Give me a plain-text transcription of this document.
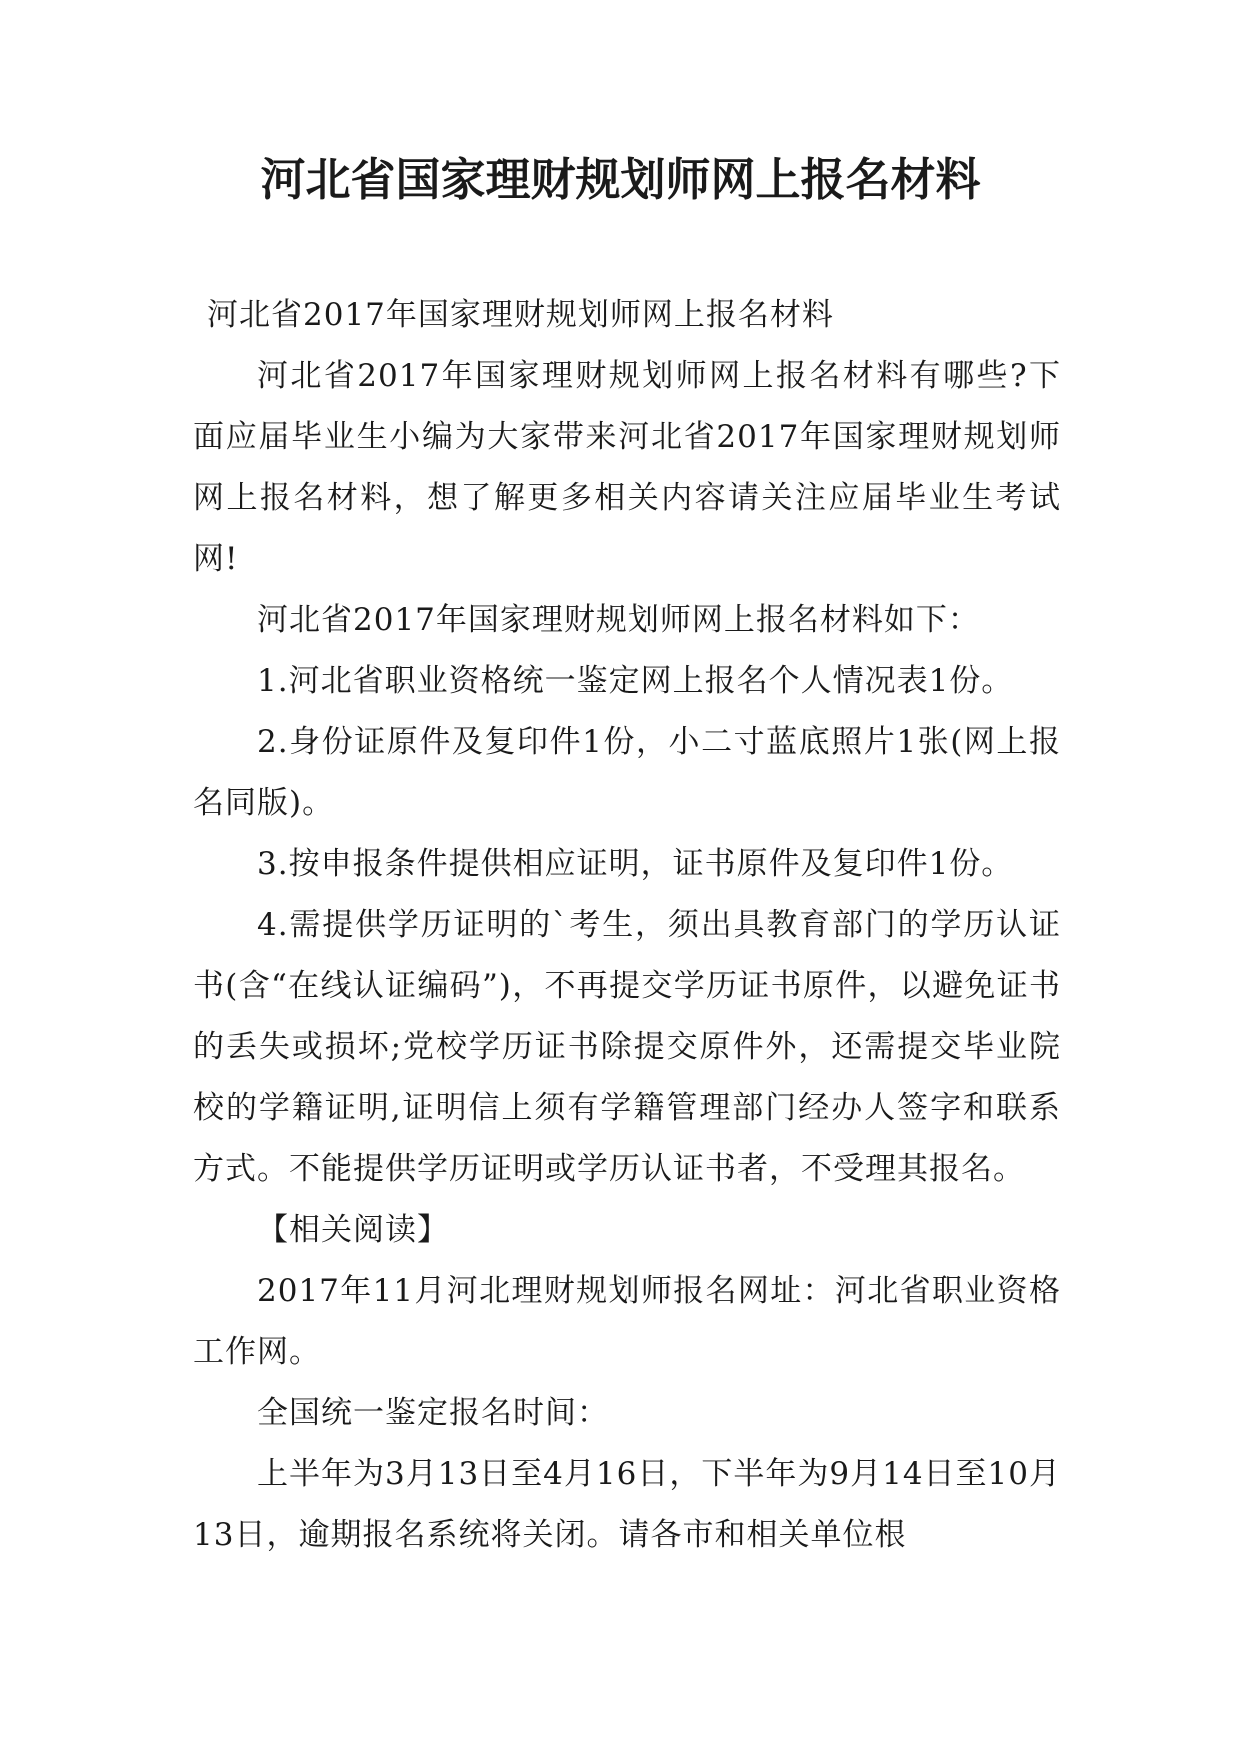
河北省国家理财规划师网上报名材料

河北省2017年国家理财规划师网上报名材料

河北省2017年国家理财规划师网上报名材料有哪些?下面应届毕业生小编为大家带来河北省2017年国家理财规划师网上报名材料，想了解更多相关内容请关注应届毕业生考试网!

河北省2017年国家理财规划师网上报名材料如下：

1.河北省职业资格统一鉴定网上报名个人情况表1份。

2.身份证原件及复印件1份，小二寸蓝底照片1张(网上报名同版)。

3.按申报条件提供相应证明，证书原件及复印件1份。

4.需提供学历证明的`考生，须出具教育部门的学历认证书(含“在线认证编码”)，不再提交学历证书原件，以避免证书的丢失或损坏;党校学历证书除提交原件外，还需提交毕业院校的学籍证明,证明信上须有学籍管理部门经办人签字和联系方式。不能提供学历证明或学历认证书者，不受理其报名。

【相关阅读】

2017年11月河北理财规划师报名网址：河北省职业资格工作网。

全国统一鉴定报名时间：

上半年为3月13日至4月16日，下半年为9月14日至10月13日，逾期报名系统将关闭。请各市和相关单位根
